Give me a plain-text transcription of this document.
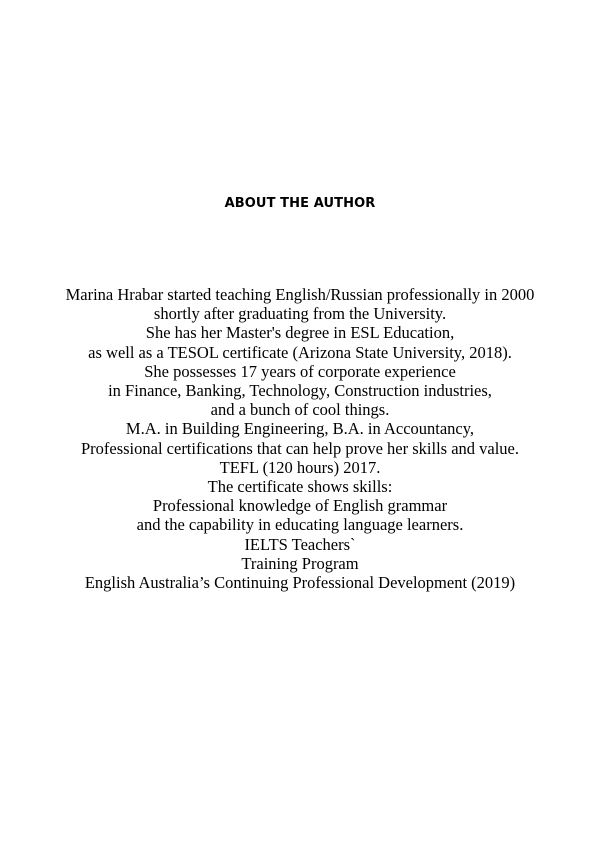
ABOUT THE AUTHOR
Marina Hrabar started teaching English/Russian professionally in 2000
shortly after graduating from the University.
She has her Master's degree in ESL Education,
as well as a TESOL certificate (Arizona State University, 2018).
She possesses 17 years of corporate experience
in Finance, Banking, Technology, Construction industries,
and a bunch of cool things.
M.A. in Building Engineering, B.A. in Accountancy,
Professional certifications that can help prove her skills and value.
TEFL (120 hours) 2017.
The certificate shows skills:
Professional knowledge of English grammar
and the capability in educating language learners.
IELTS Teachers`
Training Program
English Australia’s Continuing Professional Development (2019)
